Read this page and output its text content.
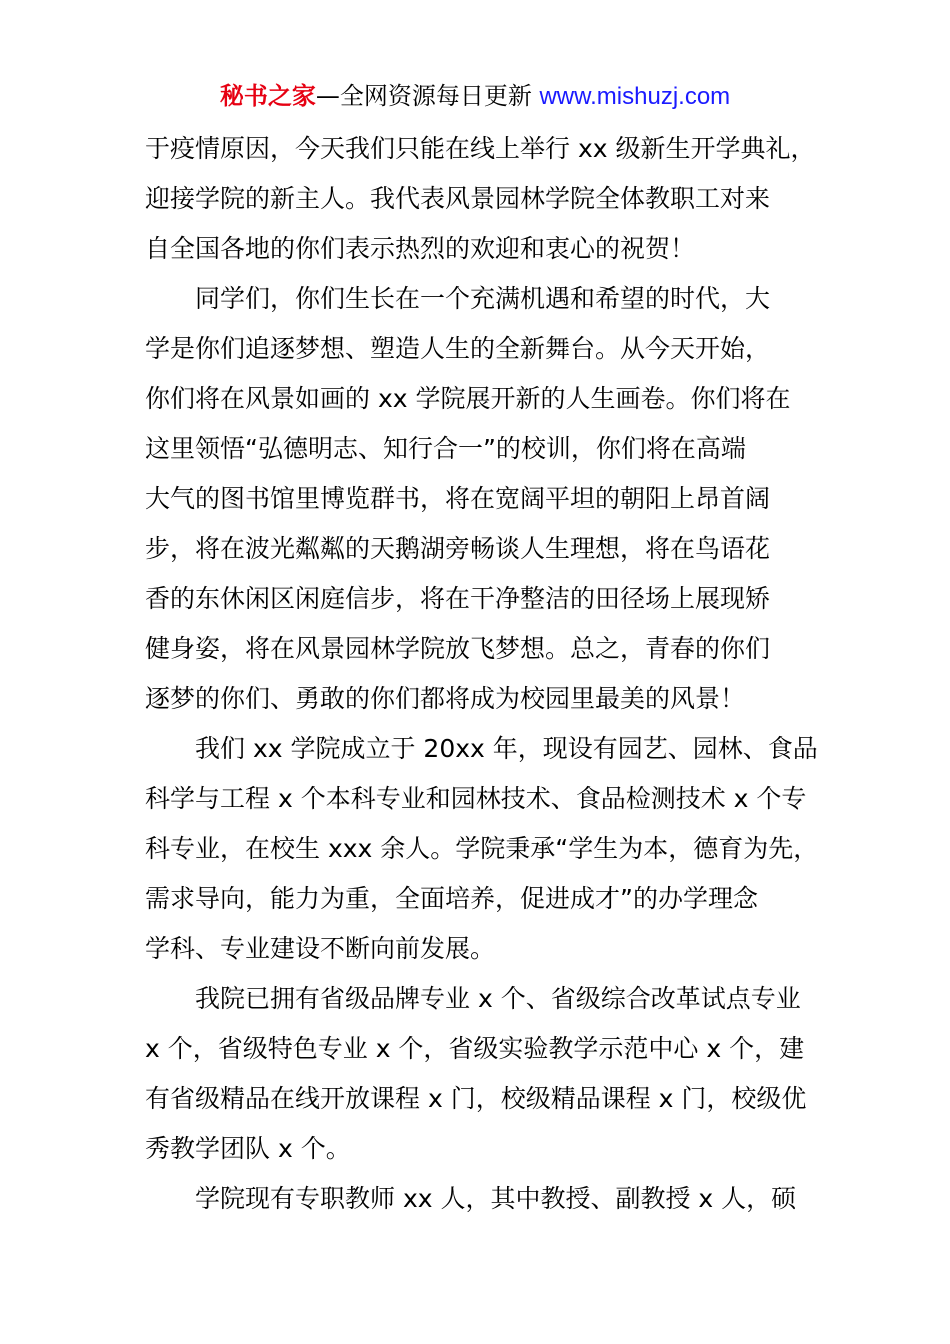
秘书之家—全网资源每日更新 www.mishuzj.com
于疫情原因，今天我们只能在线上举行 xx 级新生开学典礼，
迎接学院的新主人。我代表风景园林学院全体教职工对来
自全国各地的你们表示热烈的欢迎和衷心的祝贺！
同学们，你们生长在一个充满机遇和希望的时代，大
学是你们追逐梦想、塑造人生的全新舞台。从今天开始，
你们将在风景如画的 xx 学院展开新的人生画卷。你们将在
这里领悟“弘德明志、知行合一”的校训，你们将在高端
大气的图书馆里博览群书，将在宽阔平坦的朝阳上昂首阔
步，将在波光粼粼的天鹅湖旁畅谈人生理想，将在鸟语花
香的东休闲区闲庭信步，将在干净整洁的田径场上展现矫
健身姿，将在风景园林学院放飞梦想。总之，青春的你们
逐梦的你们、勇敢的你们都将成为校园里最美的风景！
我们 xx 学院成立于 20xx 年，现设有园艺、园林、食品
科学与工程 x 个本科专业和园林技术、食品检测技术 x 个专
科专业，在校生 xxx 余人。学院秉承“学生为本，德育为先，
需求导向，能力为重，全面培养，促进成才”的办学理念
学科、专业建设不断向前发展。
我院已拥有省级品牌专业 x 个、省级综合改革试点专业
x 个，省级特色专业 x 个，省级实验教学示范中心 x 个，建
有省级精品在线开放课程 x 门，校级精品课程 x 门，校级优
秀教学团队 x 个。
学院现有专职教师 xx 人，其中教授、副教授 x 人，硕
